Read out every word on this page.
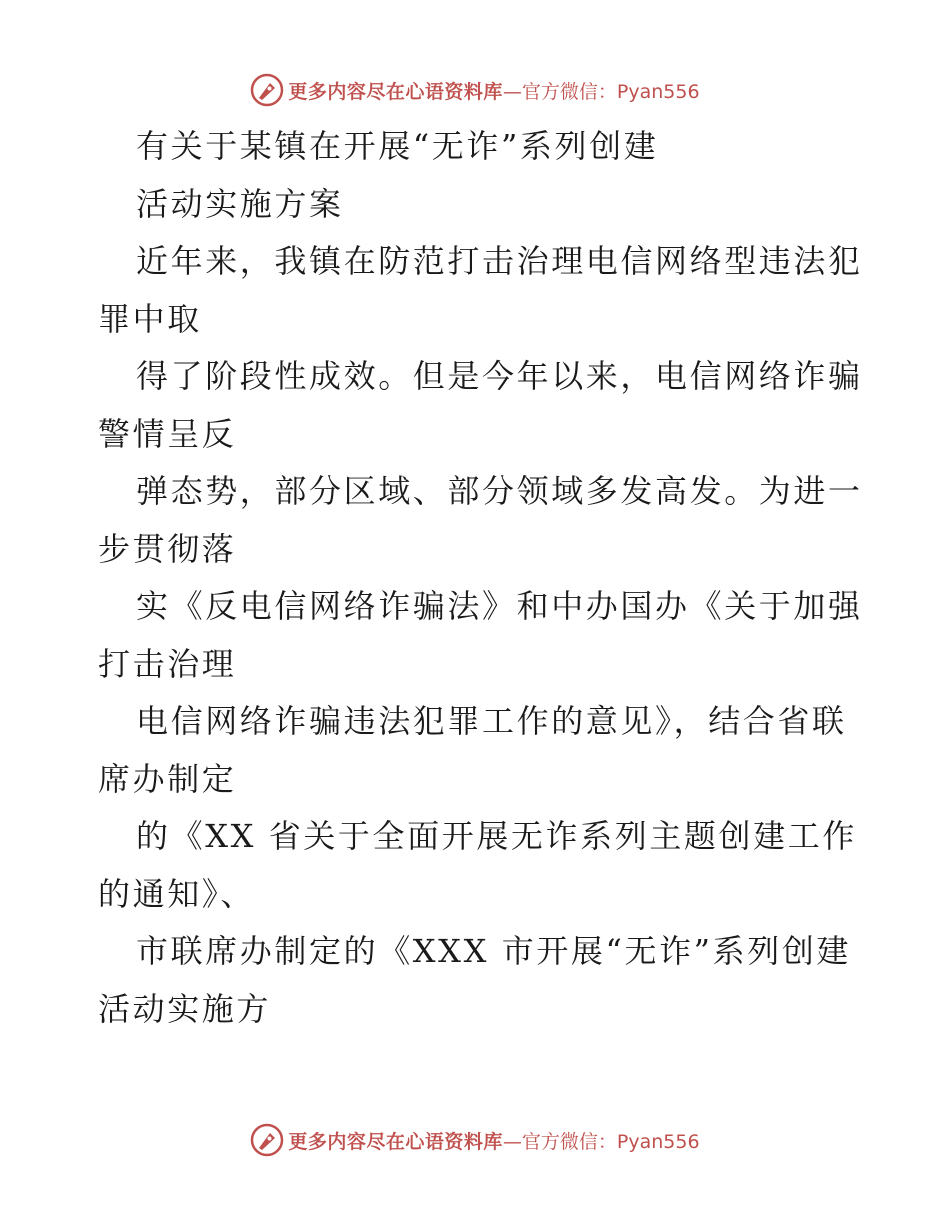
更多内容尽在心语资料库 —官方微信：Pyan556
有关于某镇在开展“无诈”系列创建
活动实施方案
近年来，我镇在防范打击治理电信网络型违法犯
罪中取
得了阶段性成效。但是今年以来，电信网络诈骗
警情呈反
弹态势，部分区域、部分领域多发高发。为进一
步贯彻落
实《反电信网络诈骗法》和中办国办《关于加强
打击治理
电信网络诈骗违法犯罪工作的意见》，结合省联
席办制定
的《XX 省关于全面开展无诈系列主题创建工作
的通知》、
市联席办制定的《XXX 市开展“无诈”系列创建
活动实施方
更多内容尽在心语资料库 —官方微信：Pyan556
